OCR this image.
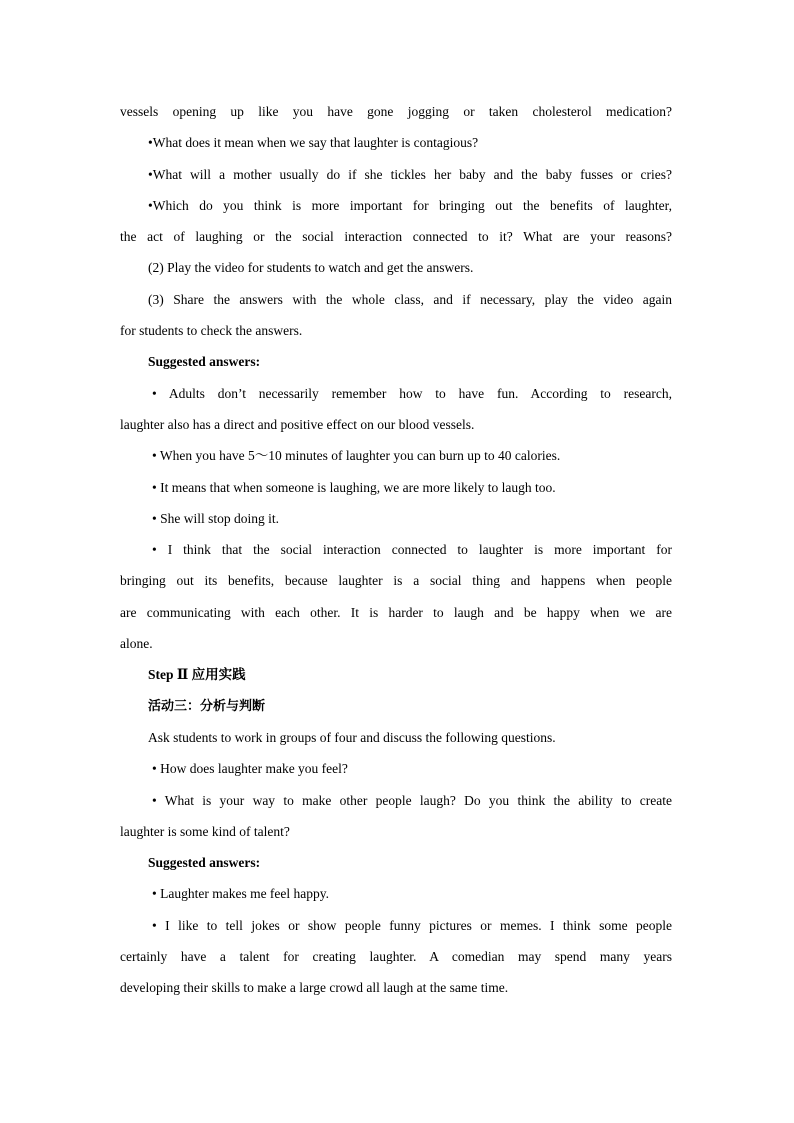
vessels opening up like you have gone jogging or taken cholesterol medication?
•What does it mean when we say that laughter is contagious?
•What will a mother usually do if she tickles her baby and the baby fusses or cries?
•Which do you think is more important for bringing out the benefits of laughter,
the act of laughing or the social interaction connected to it? What are your reasons?
(2) Play the video for students to watch and get the answers.
(3) Share the answers with the whole class, and if necessary, play the video again
for students to check the answers.
Suggested answers:
• Adults don’t necessarily remember how to have fun. According to research,
laughter also has a direct and positive effect on our blood vessels.
• When you have 5～10 minutes of laughter you can burn up to 40 calories.
• It means that when someone is laughing, we are more likely to laugh too.
• She will stop doing it.
• I think that the social interaction connected to laughter is more important for
bringing out its benefits, because laughter is a social thing and happens when people
are communicating with each other. It is harder to laugh and be happy when we are
alone.
Step Ⅱ 应用实践
活动三：分析与判断
Ask students to work in groups of four and discuss the following questions.
• How does laughter make you feel?
• What is your way to make other people laugh? Do you think the ability to create
laughter is some kind of talent?
Suggested answers:
• Laughter makes me feel happy.
• I like to tell jokes or show people funny pictures or memes. I think some people
certainly have a talent for creating laughter. A comedian may spend many years
developing their skills to make a large crowd all laugh at the same time.
